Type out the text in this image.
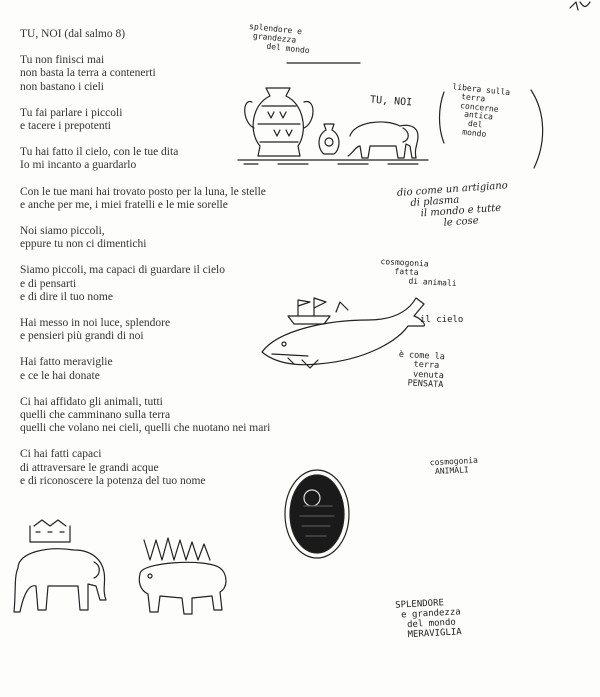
TU, NOI (dal salmo 8)
Tu non finisci mai
non basta la terra a contenerti
non bastano i cieli
Tu fai parlare i piccoli
e tacere i prepotenti
Tu hai fatto il cielo, con le tue dita
Io mi incanto a guardarlo
Con le tue mani hai trovato posto per la luna, le stelle
e anche per me, i miei fratelli e le mie sorelle
Noi siamo piccoli,
eppure tu non ci dimentichi
Siamo piccoli, ma capaci di guardare il cielo
e di pensarti
e di dire il tuo nome
Hai messo in noi luce, splendore
e pensieri più grandi di noi
Hai fatto meraviglie
e ce le hai donate
Ci hai affidato gli animali, tutti
quelli che camminano sulla terra
quelli che volano nei cieli, quelli che nuotano nei mari
Ci hai fatti capaci
di attraversare le grandi acque
e di riconoscere la potenza del tuo nome
splendore e
grandezza
del mondo
TU, NOI
libera sulla
terra
concerne
antica
del
mondo
dio come un artigiano
di plasma
il mondo e tutte
le cose
cosmogonia
fatta
di animali
il cielo
è come la
terra
venuta
PENSATA
cosmogonia
ANIMALI
SPLENDORE
e grandezza
del mondo
MERAVIGLIA
